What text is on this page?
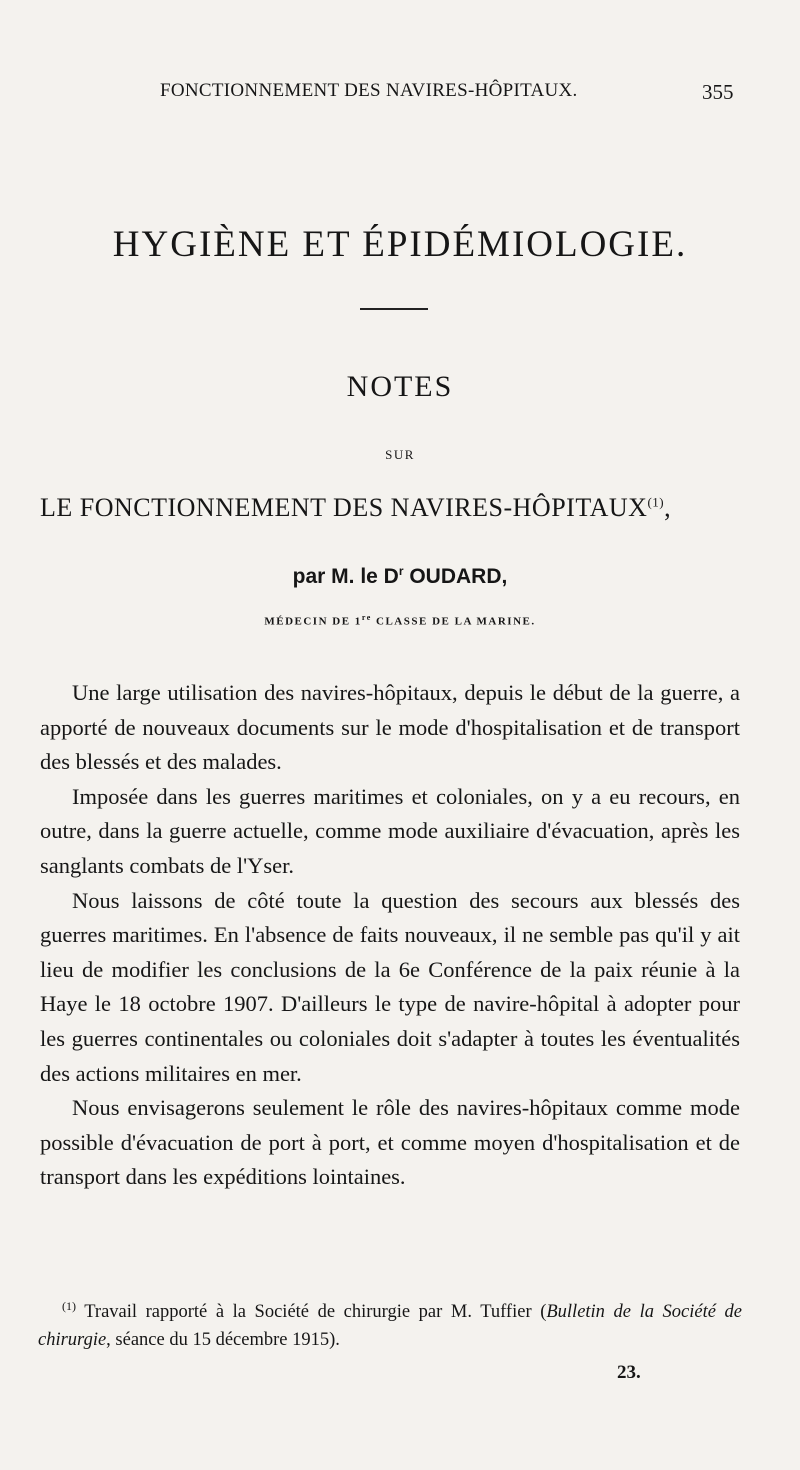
FONCTIONNEMENT DES NAVIRES-HÔPITAUX.	355
HYGIÈNE ET ÉPIDÉMIOLOGIE.
NOTES
SUR
LE FONCTIONNEMENT DES NAVIRES-HÔPITAUX$^{(1)}$,
par M. le $D^r$ OUDARD,
MÉDECIN DE 1re CLASSE DE LA MARINE.

Une large utilisation des navires-hôpitaux, depuis le début de la guerre, a apporté de nouveaux documents sur le mode d'hospitalisation et de transport des blessés et des malades.

Imposée dans les guerres maritimes et coloniales, on y a eu recours, en outre, dans la guerre actuelle, comme mode auxiliaire d'évacuation, après les sanglants combats de l'Yser.

Nous laissons de côté toute la question des secours aux blessés des guerres maritimes. En l'absence de faits nouveaux, il ne semble pas qu'il y ait lieu de modifier les conclusions de la 6e Conférence de la paix réunie à la Haye le 18 octobre 1907. D'ailleurs le type de navire-hôpital à adopter pour les guerres continentales ou coloniales doit s'adapter à toutes les éventualités des actions militaires en mer.

Nous envisagerons seulement le rôle des navires-hôpitaux comme mode possible d'évacuation de port à port, et comme moyen d'hospitalisation et de transport dans les expéditions lointaines.

$^{(1)}$ Travail rapporté à la Société de chirurgie par M. Tuffier (Bulletin de la Société de chirurgie, séance du 15 décembre 1915).
23.
